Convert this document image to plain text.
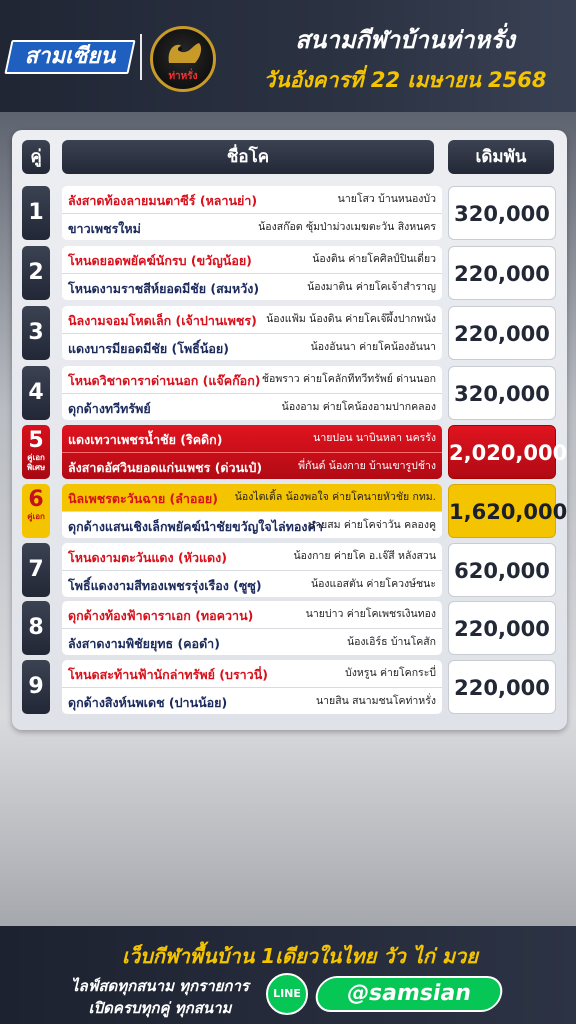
สามเซียน
ท่าหรั่ง
สนามกีฬาบ้านท่าหรั่ง
วันอังคารที่ 22 เมษายน 2568
คู่	ชื่อโค	เดิมพัน
1	ลังสาดท้องลายมนตาซีร์ (หลานย่า)	นายโสว บ้านหนองบัว
ขาวเพชรใหม่	น้องสก๊อต ซุ้มป่าม่วงเมฆตะวัน สิงหนคร
320,000
2	โหนดยอดพยัคฆ์นักรบ (ขวัญน้อย)	น้องติน ค่ายโคศิลป์ปินเดี่ยว
โหนดงามราชสีห์ยอดมีชัย (สมหวัง)	น้องมาติน ค่ายโคเจ้าสำราญ
220,000
3	นิลงามจอมโหดเล็ก (เจ้าปานเพชร) น้องแฟ้ม น้องดิน ค่ายโคเจ๊ผึ้งปากพนัง
แดงบารมียอดมีชัย (โพธิ์น้อย)	น้องอันนา ค่ายโคน้องอันนา
220,000
4	โหนดวิชาดาราด่านนอก (แจ๊คก๊อก) ช้อพราว ค่ายโคลักทีทวีทรัพย์ ด่านนอก
ดุกด้างทวีทรัพย์	น้องอาม ค่ายโคน้องอามปากคลอง
320,000
5
คู่เอก พิเศษ
แดงเทวาเพชรน้ำชัย (ริคดิก)	นายปอน นาบินหลา นครรัง
ลังสาดอัศวินยอดแก่นเพชร (ด่วนเป๋)	พี่กันต์ น้องกาย บ้านเขารูปช้าง
2,020,000
6
คู่เอก
นิลเพชรตะวันฉาย (ลำออย) น้องไตเติ้ล น้องพอใจ ค่ายโคนายหัวชัย กทม.
ดุกด้างแสนเชิงเล็กพยัคฆ์นำชัยขวัญใจไล่ทองคำ
นายสม ค่ายโคจ่าวัน คลองคู
1,620,000
7	โหนดงามตะวันแดง (หัวแดง)	น้องกาย ค่ายโค อ.เจ๊สี หลังสวน
โพธิ์แดงงามสีทองเพชรรุ่งเรือง (ซูซู)	น้องแอสตัน ค่ายโควงษ์ชนะ
620,000
8	ดุกด้างท้องฟ้าดาราเอก (ทอควาน)	นายบ่าว ค่ายโคเพชรเงินทอง
ลังสาดงามพิชัยยุทธ (คอดำ)	น้องเอิร์ธ บ้านโคสัก
220,000
9	โหนดสะท้านฟ้านักล่าทรัพย์ (บราวนี่)	บังหรูน ค่ายโคกระบี่
ดุกด้างสิงห์นพเดช (ปานน้อย)	นายสิน สนามชนโคท่าหรั่ง
220,000
เว็บกีฬาพื้นบ้าน 1เดียวในไทย วัว ไก่ มวย
ไลฟ์สดทุกสนาม ทุกรายการ
เปิดครบทุกคู่ ทุกสนาม
LINE	@samsian
